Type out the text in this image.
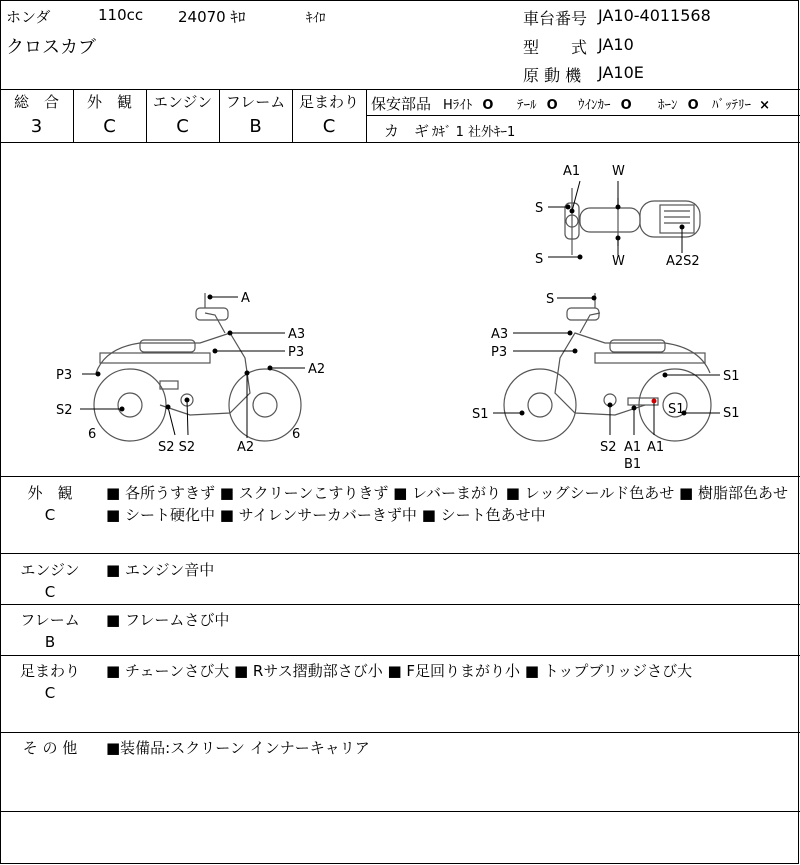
ホンダ	110cc 24070 ｷﾛ	ｷｲﾛ
クロスカブ
車台番号 JA10-4011568
型　　式 JA10
原 動 機 JA10E
総　合
3
外　観
C
エンジン
C
フレーム
B
足まわり
C
保安部品 Hﾗｲﾄ O ﾃｰﾙ O ｳｲﾝｶｰ O ﾎｰﾝ O ﾊﾞｯﾃﾘｰ ×
カ　ギ ｶｷﾞ 1 社外ｷｰ1
A1 W
S
S	W	A2S2
A
A3
P3
A2
P3
S2
6
S2 S2	A2
6
S
A3
P3
S1
S1
S1	S1
S2 A1 A1
B1
外　観
C
■ 各所うすきず ■ スクリーンこすりきず ■ レバーまがり ■ レッグシールド色あせ ■ 樹脂部色あせ ■ シート硬化中 ■ サイレンサーカバーきず中 ■ シート色あせ中
エンジン
C
■ エンジン音中
フレーム
B
■ フレームさび中
足まわり
C
■ チェーンさび大 ■ Rサス摺動部さび小 ■ F足回りまがり小 ■ トップブリッジさび大
そ の 他	■装備品:スクリーン インナーキャリア
